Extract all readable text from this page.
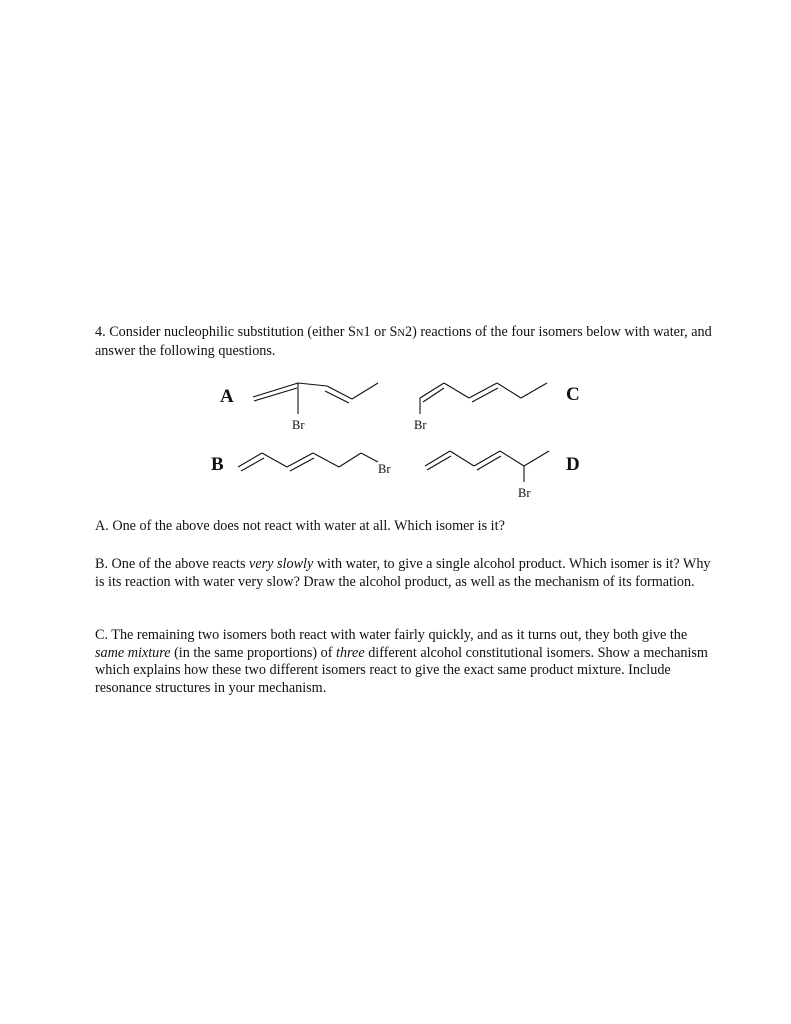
4. Consider nucleophilic substitution (either SN1 or SN2) reactions of the four isomers below with water, and answer the following questions.
A
Br	Br
C
B	Br
Br
D

A. One of the above does not react with water at all. Which isomer is it?

B. One of the above reacts very slowly with water, to give a single alcohol product. Which isomer is it? Why is its reaction with water very slow? Draw the alcohol product, as well as the mechanism of its formation.

C. The remaining two isomers both react with water fairly quickly, and as it turns out, they both give the same mixture (in the same proportions) of three different alcohol constitutional isomers. Show a mechanism which explains how these two different isomers react to give the exact same product mixture. Include resonance structures in your mechanism.
